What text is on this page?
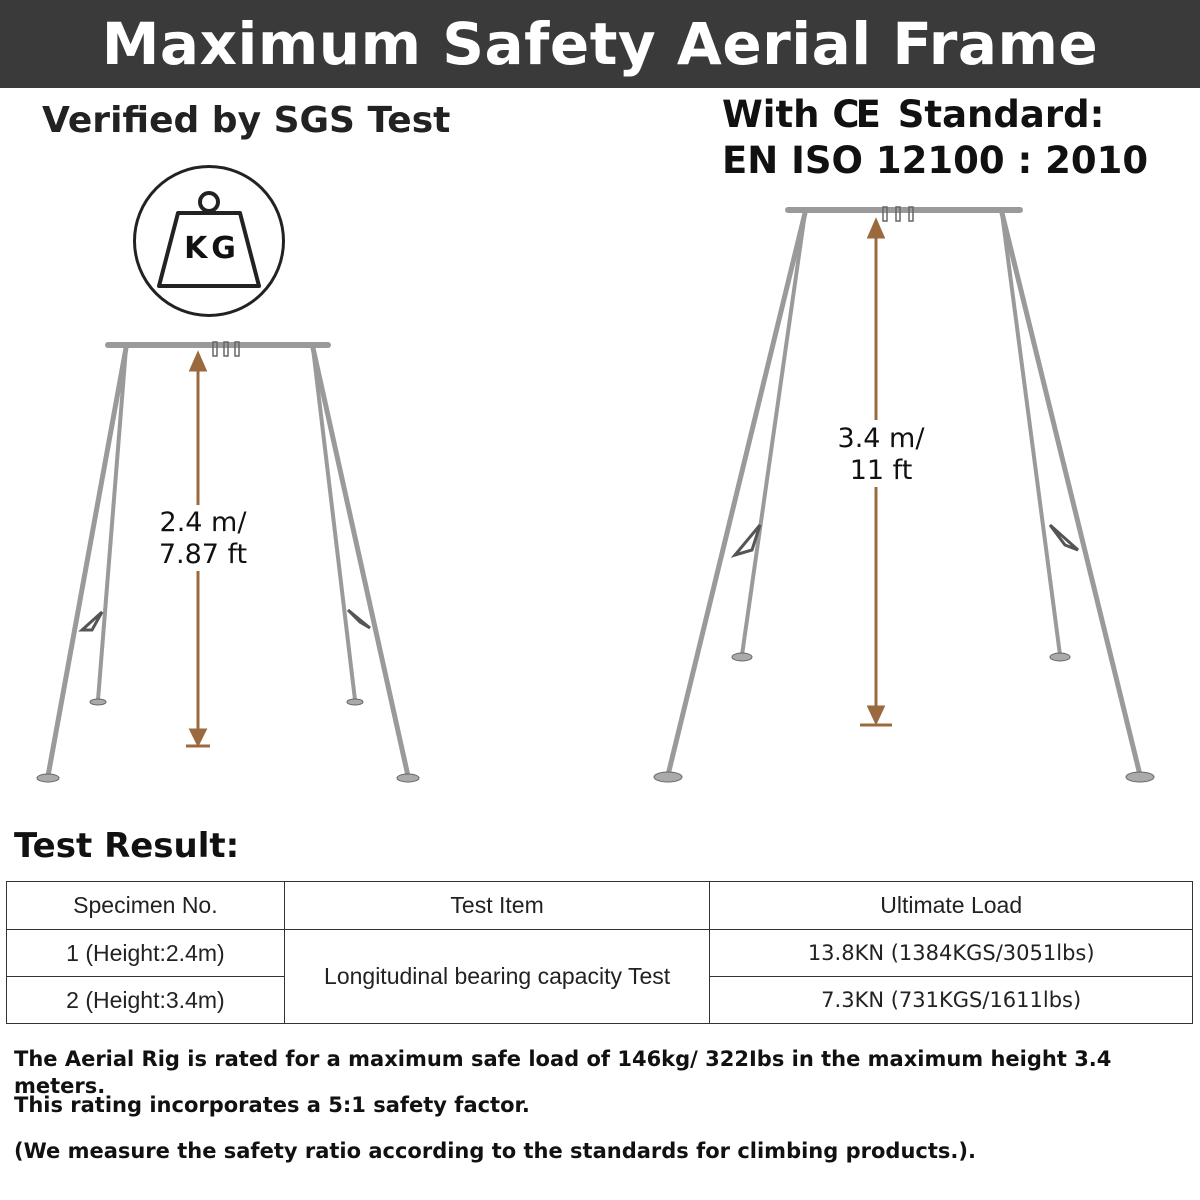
Maximum Safety Aerial Frame
Verified by SGS Test	With CE Standard:
EN ISO 12100 : 2010
KG
2.4 m/
7.87 ft
3.4 m/
11 ft
Test Result:
Specimen No.	Test Item	Ultimate Load
1 (Height:2.4m)	Longitudinal bearing capacity Test	13.8KN (1384KGS/3051lbs)
2 (Height:3.4m)		7.3KN (731KGS/1611lbs)

The Aerial Rig is rated for a maximum safe load of 146kg/ 322Ibs in the maximum height 3.4 meters.

This rating incorporates a 5:1 safety factor.

(We measure the safety ratio according to the standards for climbing products.).
